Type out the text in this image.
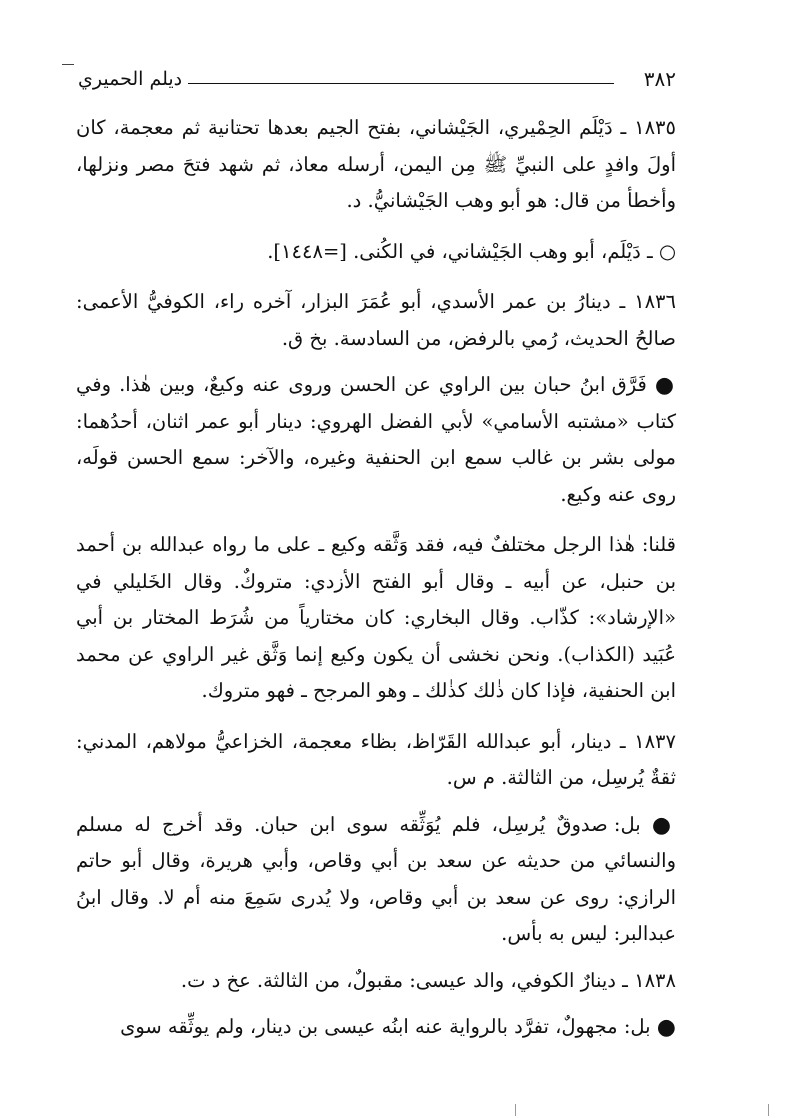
٣٨٢
ديلم الحميري

١٨٣٥ ـ دَيْلَم الحِمْيري، الجَيْشاني، بفتح الجيم بعدها تحتانية ثم معجمة، كان أولَ وافدٍ على النبيِّ ﷺ مِن اليمن، أرسله معاذ، ثم شهد فتحَ مصر ونزلها، وأخطأ من قال: هو أبو وهب الجَيْشانيُّ. د.

○ ـ دَيْلَم، أبو وهب الجَيْشاني، في الكُنى. [=١٤٤٨].

١٨٣٦ ـ دينارُ بن عمر الأسدي، أبو عُمَرَ البزار، آخره راء، الكوفيُّ الأعمى: صالحُ الحديث، رُمي بالرفض، من السادسة. بخ ق.

● فَرَّق ابنُ حبان بين الراوي عن الحسن وروى عنه وكيعٌ، وبين هٰذا. وفي كتاب «مشتبه الأسامي» لأبي الفضل الهروي: دينار أبو عمر اثنان، أحدُهما: مولى بشر بن غالب سمع ابن الحنفية وغيره، والآخر: سمع الحسن قولَه، روى عنه وكيع.

قلنا: هٰذا الرجل مختلفٌ فيه، فقد وَثَّقه وكيع ـ على ما رواه عبدالله بن أحمد بن حنبل، عن أبيه ـ وقال أبو الفتح الأزدي: متروكٌ. وقال الخَليلي في «الإرشاد»: كذّاب. وقال البخاري: كان مختارياً من شُرَط المختار بن أبي عُبَيد (الكذاب). ونحن نخشى أن يكون وكيع إنما وَثَّق غير الراوي عن محمد ابن الحنفية، فإذا كان ذٰلك كذٰلك ـ وهو المرجح ـ فهو متروك.

١٨٣٧ ـ دينار، أبو عبدالله القَرّاظ، بظاء معجمة، الخزاعيُّ مولاهم، المدني: ثقةٌ يُرسِل، من الثالثة. م س.

● بل: صدوقٌ يُرسِل، فلم يُوَثِّقه سوى ابن حبان. وقد أخرج له مسلم والنسائي من حديثه عن سعد بن أبي وقاص، وأبي هريرة، وقال أبو حاتم الرازي: روى عن سعد بن أبي وقاص، ولا يُدرى سَمِعَ منه أم لا. وقال ابنُ عبدالبر: ليس به بأس.

١٨٣٨ ـ دينارٌ الكوفي، والد عيسى: مقبولٌ، من الثالثة. عخ د ت.

● بل: مجهولٌ، تفرَّد بالرواية عنه ابنُه عيسى بن دينار، ولم يوثِّقه سوى
